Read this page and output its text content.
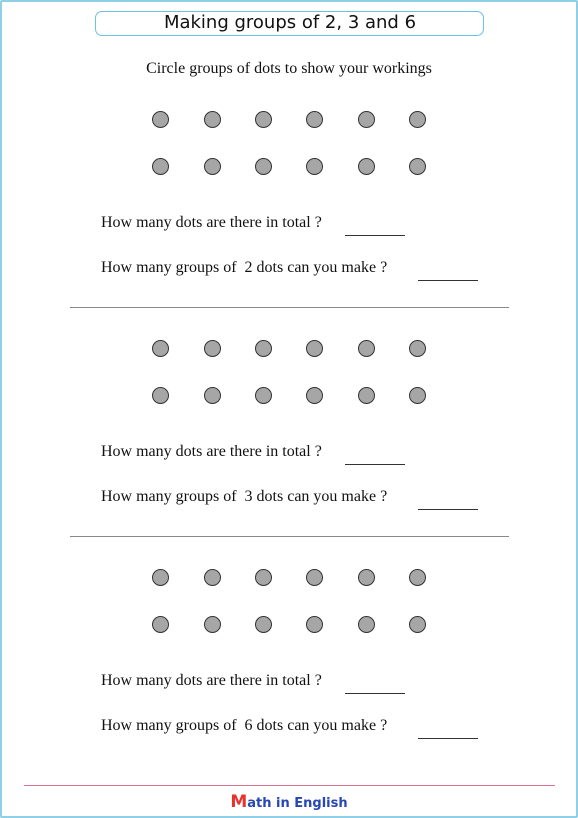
Making groups of 2, 3 and 6
Circle groups of dots to show your workings
How many dots are there in total ?
How many groups of 2 dots can you make ?
How many dots are there in total ?
How many groups of 3 dots can you make ?
How many dots are there in total ?
How many groups of 6 dots can you make ?
Math in English
